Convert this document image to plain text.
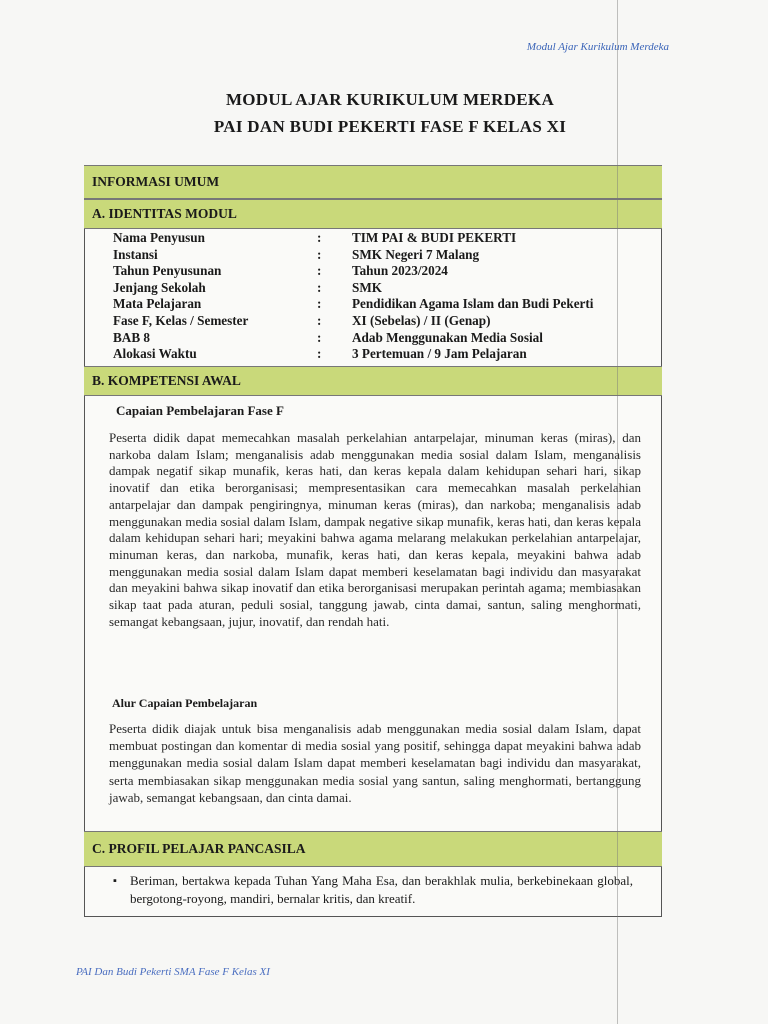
Modul Ajar Kurikulum Merdeka
MODUL AJAR KURIKULUM MERDEKA
PAI DAN BUDI PEKERTI FASE F KELAS XI
INFORMASI UMUM
A. IDENTITAS MODUL
Nama Penyusun	: TIM PAI & BUDI PEKERTI
Instansi	: SMK Negeri 7 Malang
Tahun Penyusunan	: Tahun 2023/2024
Jenjang Sekolah	: SMK
Mata Pelajaran	: Pendidikan Agama Islam dan Budi Pekerti
Fase F, Kelas / Semester	: XI (Sebelas) / II (Genap)
BAB 8	: Adab Menggunakan Media Sosial
Alokasi Waktu	: 3 Pertemuan / 9 Jam Pelajaran
B. KOMPETENSI AWAL
Capaian Pembelajaran Fase F
Peserta didik dapat memecahkan masalah perkelahian antarpelajar, minuman keras (miras), dan narkoba dalam Islam; menganalisis adab menggunakan media sosial dalam Islam, menganalisis dampak negatif sikap munafik, keras hati, dan keras kepala dalam kehidupan sehari hari, sikap inovatif dan etika berorganisasi; mempresentasikan cara memecahkan masalah perkelahian antarpelajar dan dampak pengiringnya, minuman keras (miras), dan narkoba; menganalisis adab menggunakan media sosial dalam Islam, dampak negative sikap munafik, keras hati, dan keras kepala dalam kehidupan sehari hari; meyakini bahwa agama melarang melakukan perkelahian antarpelajar, minuman keras, dan narkoba, munafik, keras hati, dan keras kepala, meyakini bahwa adab menggunakan media sosial dalam Islam dapat memberi keselamatan bagi individu dan masyarakat dan meyakini bahwa sikap inovatif dan etika berorganisasi merupakan perintah agama; membiasakan sikap taat pada aturan, peduli sosial, tanggung jawab, cinta damai, santun, saling menghormati, semangat kebangsaan, jujur, inovatif, dan rendah hati.
Alur Capaian Pembelajaran
Peserta didik diajak untuk bisa menganalisis adab menggunakan media sosial dalam Islam, dapat membuat postingan dan komentar di media sosial yang positif, sehingga dapat meyakini bahwa adab menggunakan media sosial dalam Islam dapat memberi keselamatan bagi individu dan masyarakat, serta membiasakan sikap menggunakan media sosial yang santun, saling menghormati, bertanggung jawab, semangat kebangsaan, dan cinta damai.
C. PROFIL PELAJAR PANCASILA
▪	Beriman, bertakwa kepada Tuhan Yang Maha Esa, dan berakhlak mulia, berkebinekaan global, bergotong-royong, mandiri, bernalar kritis, dan kreatif.
PAI Dan Budi Pekerti SMA Fase F Kelas XI
